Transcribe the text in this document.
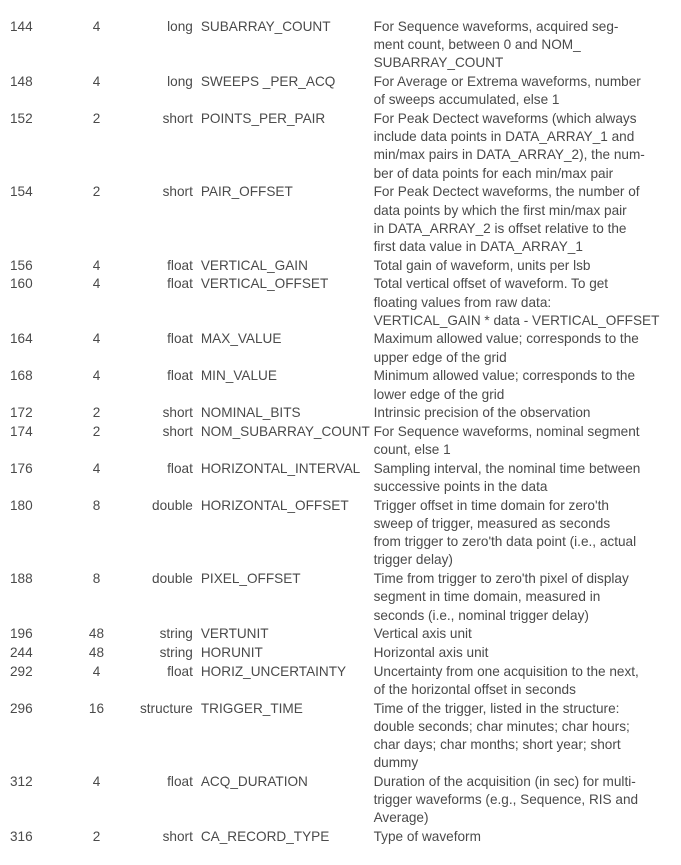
144	4	long	SUBARRAY_COUNT	For Sequence waveforms, acquired seg-
ment count, between 0 and NOM_
SUBARRAY_COUNT

148	4	long	SWEEPS _PER_ACQ	For Average or Extrema waveforms, number
of sweeps accumulated, else 1

152	2	short	POINTS_PER_PAIR	For Peak Dectect waveforms (which always
include data points in DATA_ARRAY_1 and
min/max pairs in DATA_ARRAY_2), the num-
ber of data points for each min/max pair

154	2	short	PAIR_OFFSET	For Peak Dectect waveforms, the number of
data points by which the first min/max pair
in DATA_ARRAY_2 is offset relative to the
first data value in DATA_ARRAY_1

156	4	float	VERTICAL_GAIN	Total gain of waveform, units per lsb

160	4	float	VERTICAL_OFFSET	Total vertical offset of waveform. To get
floating values from raw data:
VERTICAL_GAIN * data - VERTICAL_OFFSET

164	4	float	MAX_VALUE	Maximum allowed value; corresponds to the
upper edge of the grid

168	4	float	MIN_VALUE	Minimum allowed value; corresponds to the
lower edge of the grid

172	2	short	NOMINAL_BITS	Intrinsic precision of the observation

174	2	short	NOM_SUBARRAY_COUNT	For Sequence waveforms, nominal segment
count, else 1

176	4	float	HORIZONTAL_INTERVAL	Sampling interval, the nominal time between
successive points in the data

180	8	double	HORIZONTAL_OFFSET	Trigger offset in time domain for zero'th
sweep of trigger, measured as seconds
from trigger to zero'th data point (i.e., actual
trigger delay)

188	8	double	PIXEL_OFFSET	Time from trigger to zero'th pixel of display
segment in time domain, measured in
seconds (i.e., nominal trigger delay)

196	48	string	VERTUNIT	Vertical axis unit

244	48	string	HORUNIT	Horizontal axis unit

292	4	float	HORIZ_UNCERTAINTY	Uncertainty from one acquisition to the next,
of the horizontal offset in seconds

296	16	structure	TRIGGER_TIME	Time of the trigger, listed in the structure:
double seconds; char minutes; char hours;
char days; char months; short year; short
dummy

312	4	float	ACQ_DURATION	Duration of the acquisition (in sec) for multi-
trigger waveforms (e.g., Sequence, RIS and
Average)

316	2	short	CA_RECORD_TYPE	Type of waveform
